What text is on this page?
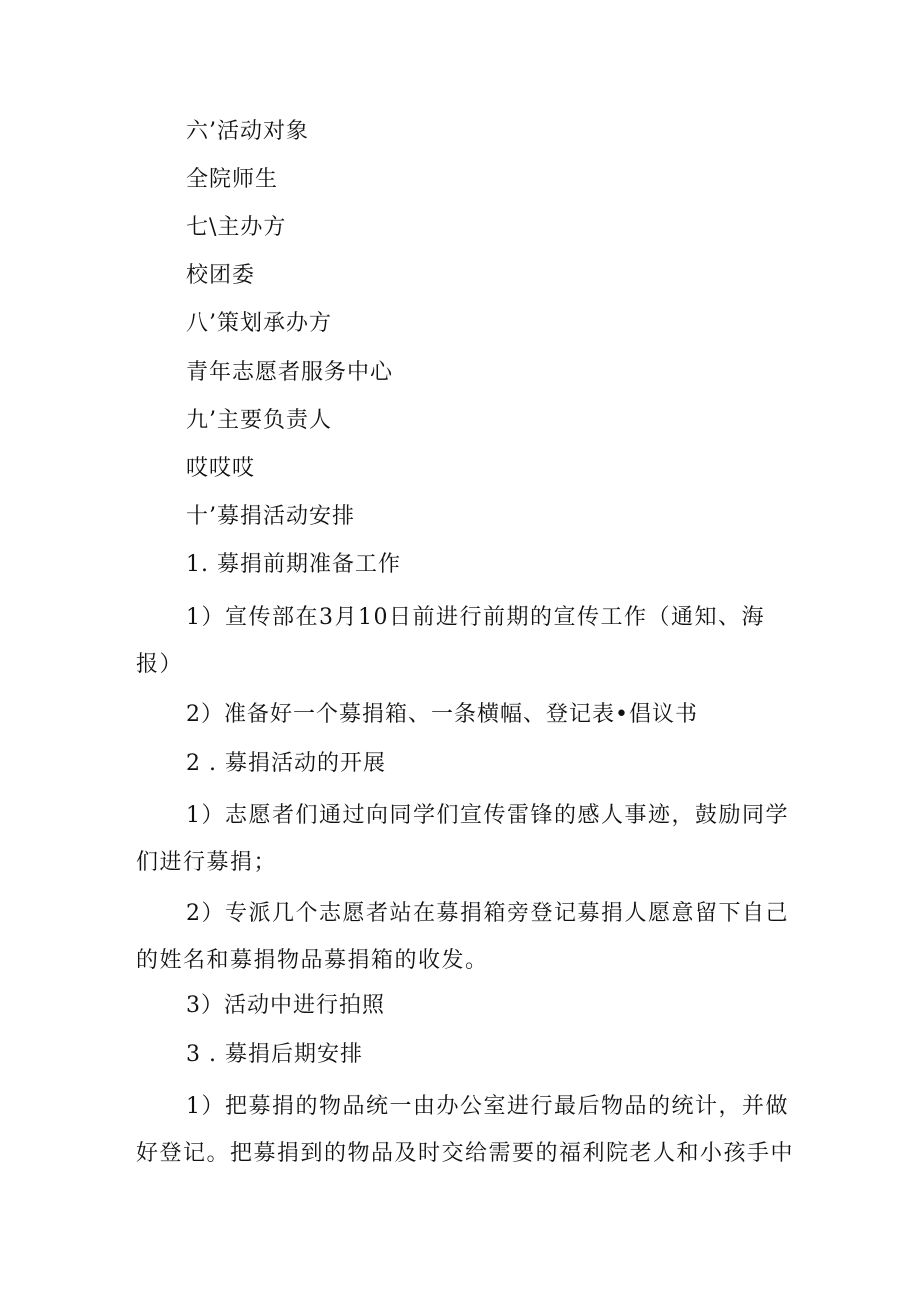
六’活动对象

全院师生

七\主办方

校团委

八’策划承办方

青年志愿者服务中心

九’主要负责人

哎哎哎

十’募捐活动安排

1. 募捐前期准备工作

1）宣传部在3月10日前进行前期的宣传工作（通知、海报）

2）准备好一个募捐箱、一条横幅、登记表•倡议书

2 . 募捐活动的开展

1）志愿者们通过向同学们宣传雷锋的感人事迹，鼓励同学们进行募捐；

2）专派几个志愿者站在募捐箱旁登记募捐人愿意留下自己的姓名和募捐物品募捐箱的收发。

3）活动中进行拍照

3 . 募捐后期安排

1）把募捐的物品统一由办公室进行最后物品的统计，并做好登记。把募捐到的物品及时交给需要的福利院老人和小孩手中
